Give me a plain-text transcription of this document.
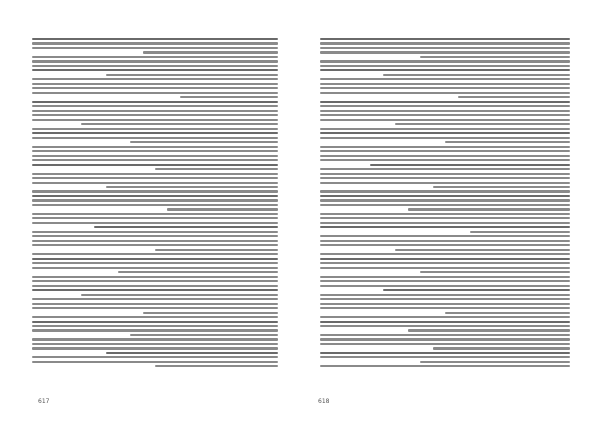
617	618
